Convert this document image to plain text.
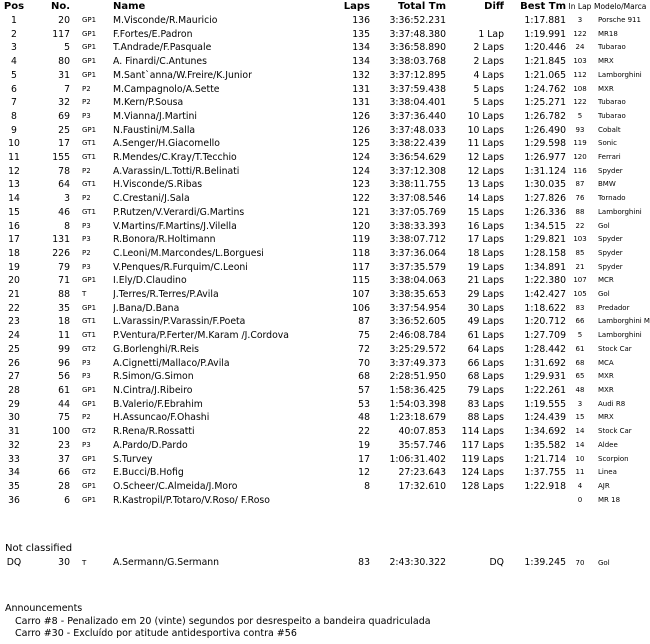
Pos	No.		Name	Laps	Total Tm	Diff	Best Tm	In Lap	Modelo/Marca
1	20	GP1	M.Visconde/R.Mauricio	136	3:36:52.231		1:17.881	3	Porsche 911
2	117	GP1	F.Fortes/E.Padron	135	3:37:48.380	1 Lap	1:19.991	122	MR18
3	5	GP1	T.Andrade/F.Pasquale	134	3:36:58.890	2 Laps	1:20.446	24	Tubarao
4	80	GP1	A. Finardi/C.Antunes	134	3:38:03.768	2 Laps	1:21.845	103	MRX
5	31	GP1	M.Sant`anna/W.Freire/K.Junior	132	3:37:12.895	4 Laps	1:21.065	112	Lamborghini
6	7	P2	M.Campagnolo/A.Sette	131	3:37:59.438	5 Laps	1:24.762	108	MXR
7	32	P2	M.Kern/P.Sousa	131	3:38:04.401	5 Laps	1:25.271	122	Tubarao
8	69	P3	M.Vianna/J.Martini	126	3:37:36.440	10 Laps	1:26.782	5	Tubarao
9	25	GP1	N.Faustini/M.Salla	126	3:37:48.033	10 Laps	1:26.490	93	Cobalt
10	17	GT1	A.Senger/H.Giacomello	125	3:38:22.439	11 Laps	1:29.598	119	Sonic
11	155	GT1	R.Mendes/C.Kray/T.Tecchio	124	3:36:54.629	12 Laps	1:26.977	120	Ferrari
12	78	P2	A.Varassin/L.Totti/R.Belinati	124	3:37:12.308	12 Laps	1:31.124	116	Spyder
13	64	GT1	H.Visconde/S.Ribas	123	3:38:11.755	13 Laps	1:30.035	87	BMW
14	3	P2	C.Crestani/J.Sala	122	3:37:08.546	14 Laps	1:27.826	76	Tornado
15	46	GT1	P.Rutzen/V.Verardi/G.Martins	121	3:37:05.769	15 Laps	1:26.336	88	Lamborghini
16	8	P3	V.Martins/F.Martins/J.Vilella	120	3:38:33.393	16 Laps	1:34.515	22	Gol
17	131	P3	R.Bonora/R.Holtimann	119	3:38:07.712	17 Laps	1:29.821	103	Spyder
18	226	P2	C.Leoni/M.Marcondes/L.Borguesi	118	3:37:36.064	18 Laps	1:28.158	85	Spyder
19	79	P3	V.Penques/R.Furquim/C.Leoni	117	3:37:35.579	19 Laps	1:34.891	21	Spyder
20	71	GP1	I.Ely/D.Claudino	115	3:38:04.063	21 Laps	1:22.380	107	MCR
21	88	T	J.Terres/R.Terres/P.Avila	107	3:38:35.653	29 Laps	1:42.427	105	Gol
22	35	GP1	J.Bana/D.Bana	106	3:37:54.954	30 Laps	1:18.622	83	Predador
23	18	GT1	L.Varassin/P.Varassin/F.Poeta	87	3:36:52.605	49 Laps	1:20.712	66	Lamborghini M
24	11	GT1	P.Ventura/P.Ferter/M.Karam /J.Cordova	75	2:46:08.784	61 Laps	1:27.709	5	Lamborghini
25	99	GT2	G.Borlenghi/R.Reis	72	3:25:29.572	64 Laps	1:28.442	61	Stock Car
26	96	P3	A.Cignetti/Mallaco/P.Avila	70	3:37:49.373	66 Laps	1:31.692	68	MCA
27	56	P3	R.Simon/G.Simon	68	2:28:51.950	68 Laps	1:29.931	65	MXR
28	61	GP1	N.Cintra/J.Ribeiro	57	1:58:36.425	79 Laps	1:22.261	48	MXR
29	44	GP1	B.Valerio/F.Ebrahim	53	1:54:03.398	83 Laps	1:19.555	3	Audi R8
30	75	P2	H.Assuncao/F.Ohashi	48	1:23:18.679	88 Laps	1:24.439	15	MRX
31	100	GT2	R.Rena/R.Rossatti	22	40:07.853	114 Laps	1:34.692	14	Stock Car
32	23	P3	A.Pardo/D.Pardo	19	35:57.746	117 Laps	1:35.582	14	Aldee
33	37	GP1	S.Turvey	17	1:06:31.402	119 Laps	1:21.714	10	Scorpion
34	66	GT2	E.Bucci/B.Hofig	12	27:23.643	124 Laps	1:37.755	11	Linea
35	28	GP1	O.Scheer/C.Almeida/J.Moro	8	17:32.610	128 Laps	1:22.918	4	AJR
36	6	GP1	R.Kastropil/P.Totaro/V.Roso/ F.Roso					0	MR 18

Not classified

DQ	30	T	A.Sermann/G.Sermann	83	2:43:30.322	DQ	1:39.245	70	Gol

Announcements

Carro #8 - Penalizado em 20 (vinte) segundos por desrespeito a bandeira quadriculada

Carro #30 - Excluído por atitude antidesportiva contra #56
